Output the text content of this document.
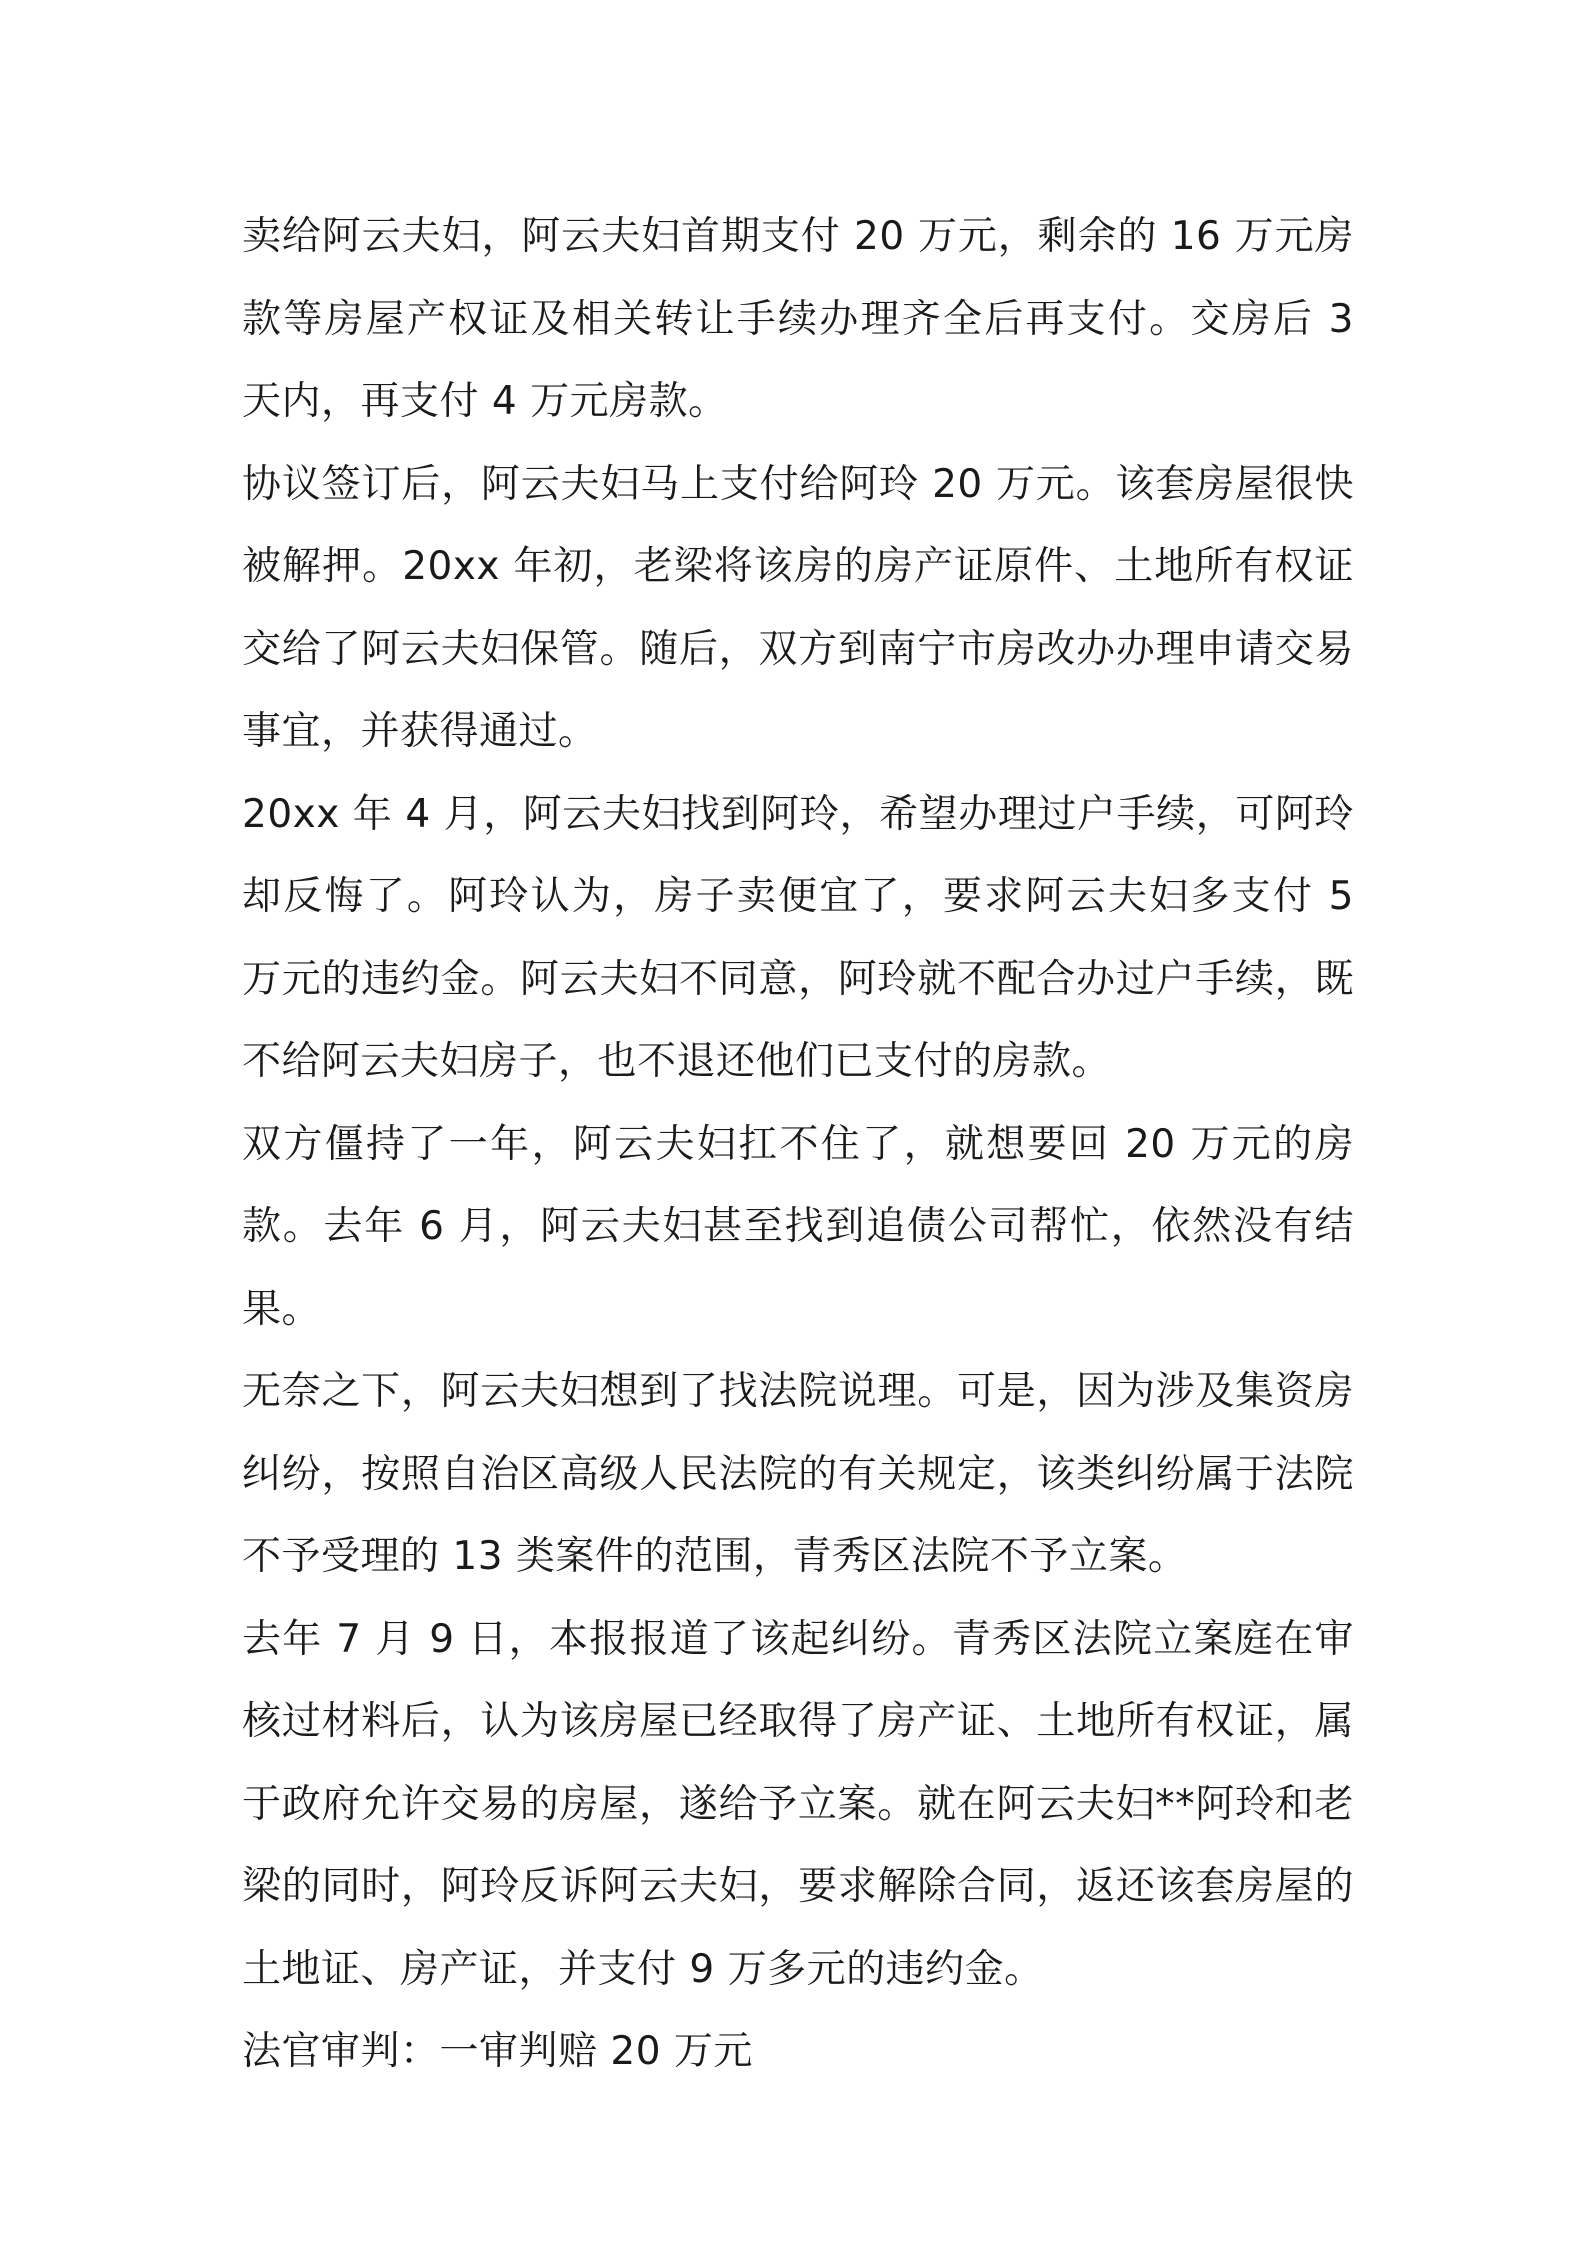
卖给阿云夫妇，阿云夫妇首期支付 20 万元，剩余的 16 万元房款等房屋产权证及相关转让手续办理齐全后再支付。交房后 3 天内，再支付 4 万元房款。

协议签订后，阿云夫妇马上支付给阿玲 20 万元。该套房屋很快被解押。20xx 年初，老梁将该房的房产证原件、土地所有权证交给了阿云夫妇保管。随后，双方到南宁市房改办办理申请交易事宜，并获得通过。

20xx 年 4 月，阿云夫妇找到阿玲，希望办理过户手续，可阿玲却反悔了。阿玲认为，房子卖便宜了，要求阿云夫妇多支付 5 万元的违约金。阿云夫妇不同意，阿玲就不配合办过户手续，既不给阿云夫妇房子，也不退还他们已支付的房款。

双方僵持了一年，阿云夫妇扛不住了，就想要回 20 万元的房款。去年 6 月，阿云夫妇甚至找到追债公司帮忙，依然没有结果。

无奈之下，阿云夫妇想到了找法院说理。可是，因为涉及集资房纠纷，按照自治区高级人民法院的有关规定，该类纠纷属于法院不予受理的 13 类案件的范围，青秀区法院不予立案。

去年 7 月 9 日，本报报道了该起纠纷。青秀区法院立案庭在审核过材料后，认为该房屋已经取得了房产证、土地所有权证，属于政府允许交易的房屋，遂给予立案。就在阿云夫妇**阿玲和老梁的同时，阿玲反诉阿云夫妇，要求解除合同，返还该套房屋的土地证、房产证，并支付 9 万多元的违约金。

法官审判：一审判赔 20 万元
